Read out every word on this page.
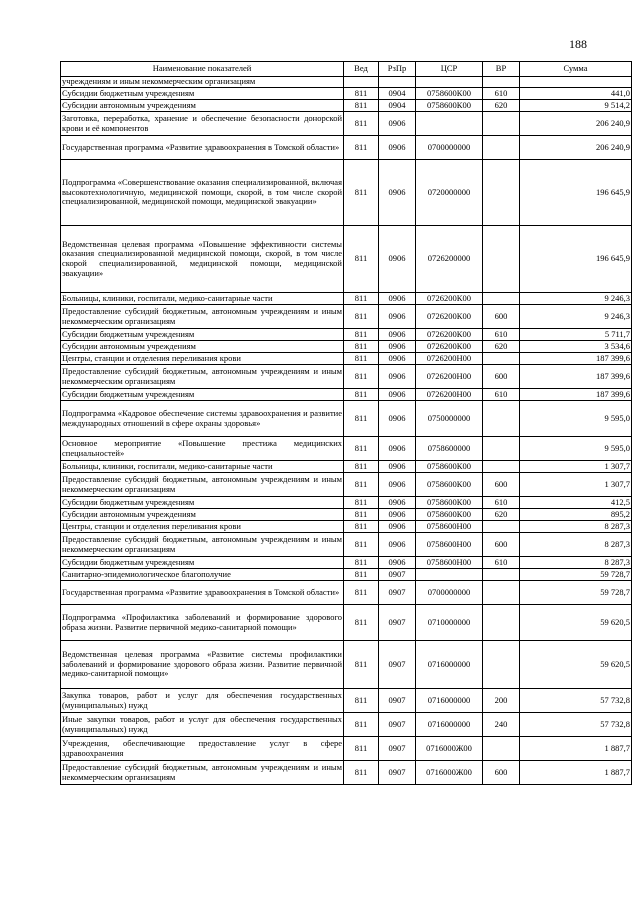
188
Наименование показателей	Вед	РзПр	ЦСР	ВР	Сумма
учреждениям и иным некоммерческим организациям					
Субсидии бюджетным учреждениям	811	0904	0758600К00	610	441,0
Субсидии автономным учреждениям	811	0904	0758600К00	620	9 514,2
Заготовка, переработка, хранение и обеспечение безопасности донорской крови и её компонентов	811	0906			206 240,9
Государственная программа «Развитие здравоохранения в Томской области»	811	0906	0700000000		206 240,9
Подпрограмма «Совершенствование оказания специализированной, включая высокотехнологичную, медицинской помощи, скорой, в том числе скорой специализированной, медицинской помощи, медицинской эвакуации»	811	0906	0720000000		196 645,9
Ведомственная целевая программа «Повышение эффективности системы оказания специализированной медицинской помощи, скорой, в том числе скорой специализированной, медицинской помощи, медицинской эвакуации»	811	0906	0726200000		196 645,9
Больницы, клиники, госпитали, медико-санитарные части	811	0906	0726200К00		9 246,3
Предоставление субсидий бюджетным, автономным учреждениям и иным некоммерческим организациям	811	0906	0726200К00	600	9 246,3
Субсидии бюджетным учреждениям	811	0906	0726200К00	610	5 711,7
Субсидии автономным учреждениям	811	0906	0726200К00	620	3 534,6
Центры, станции и отделения переливания крови	811	0906	0726200Н00		187 399,6
Предоставление субсидий бюджетным, автономным учреждениям и иным некоммерческим организациям	811	0906	0726200Н00	600	187 399,6
Субсидии бюджетным учреждениям	811	0906	0726200Н00	610	187 399,6
Подпрограмма «Кадровое обеспечение системы здравоохранения и развитие международных отношений в сфере охраны здоровья»	811	0906	0750000000		9 595,0
Основное мероприятие «Повышение престижа медицинских специальностей»	811	0906	0758600000		9 595,0
Больницы, клиники, госпитали, медико-санитарные части	811	0906	0758600К00		1 307,7
Предоставление субсидий бюджетным, автономным учреждениям и иным некоммерческим организациям	811	0906	0758600К00	600	1 307,7
Субсидии бюджетным учреждениям	811	0906	0758600К00	610	412,5
Субсидии автономным учреждениям	811	0906	0758600К00	620	895,2
Центры, станции и отделения переливания крови	811	0906	0758600Н00		8 287,3
Предоставление субсидий бюджетным, автономным учреждениям и иным некоммерческим организациям	811	0906	0758600Н00	600	8 287,3
Субсидии бюджетным учреждениям	811	0906	0758600Н00	610	8 287,3
Санитарно-эпидемиологическое благополучие	811	0907			59 728,7
Государственная программа «Развитие здравоохранения в Томской области»	811	0907	0700000000		59 728,7
Подпрограмма «Профилактика заболеваний и формирование здорового образа жизни. Развитие первичной медико-санитарной помощи»	811	0907	0710000000		59 620,5
Ведомственная целевая программа «Развитие системы профилактики заболеваний и формирование здорового образа жизни. Развитие первичной медико-санитарной помощи»	811	0907	0716000000		59 620,5
Закупка товаров, работ и услуг для обеспечения государственных (муниципальных) нужд	811	0907	0716000000	200	57 732,8
Иные закупки товаров, работ и услуг для обеспечения государственных (муниципальных) нужд	811	0907	0716000000	240	57 732,8
Учреждения, обеспечивающие предоставление услуг в сфере здравоохранения	811	0907	0716000Ж00		1 887,7
Предоставление субсидий бюджетным, автономным учреждениям и иным некоммерческим организациям	811	0907	0716000Ж00	600	1 887,7
